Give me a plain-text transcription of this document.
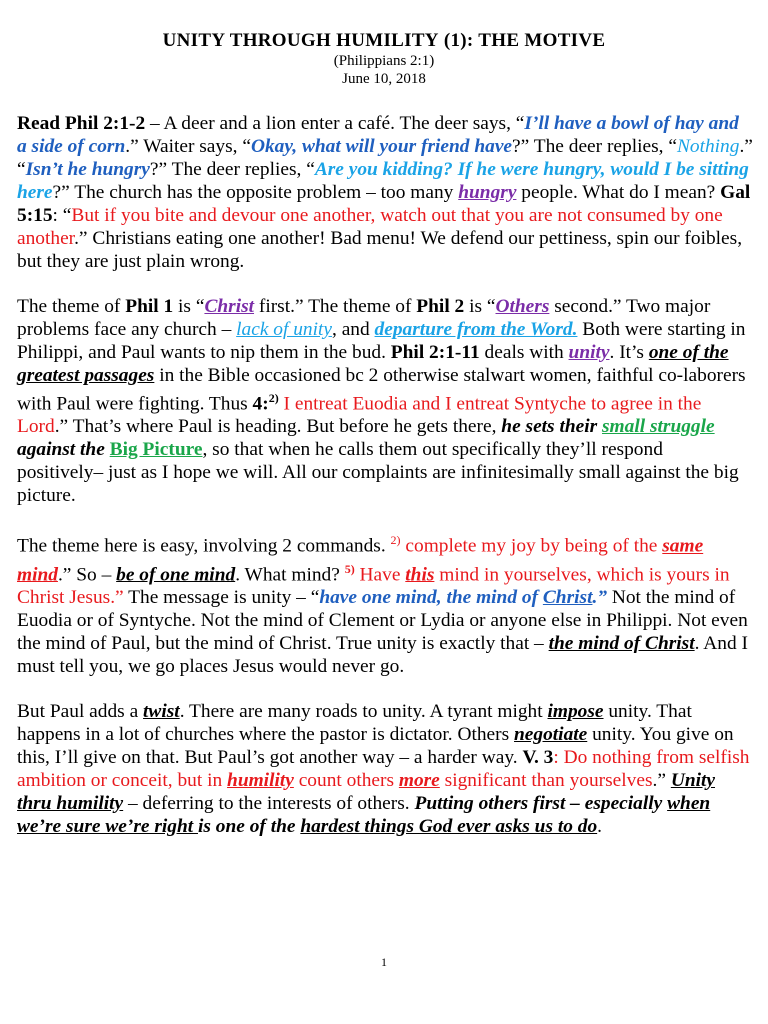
UNITY THROUGH HUMILITY (1): THE MOTIVE
(Philippians 2:1)
June 10, 2018

Read Phil 2:1-2 – A deer and a lion enter a café. The deer says, “I’ll have a bowl of hay and a side of corn.” Waiter says, “Okay, what will your friend have?” The deer replies, “Nothing.” “Isn’t he hungry?” The deer replies, “Are you kidding? If he were hungry, would I be sitting here?” The church has the opposite problem – too many hungry people. What do I mean? Gal 5:15: “But if you bite and devour one another, watch out that you are not consumed by one another.” Christians eating one another! Bad menu! We defend our pettiness, spin our foibles, but they are just plain wrong.

The theme of Phil 1 is “Christ first.” The theme of Phil 2 is “Others second.” Two major problems face any church – lack of unity, and departure from the Word. Both were starting in Philippi, and Paul wants to nip them in the bud. Phil 2:1-11 deals with unity. It’s one of the greatest passages in the Bible occasioned bc 2 otherwise stalwart women, faithful co-laborers with Paul were fighting. Thus 4:$^{2)}$ I entreat Euodia and I entreat Syntyche to agree in the Lord.” That’s where Paul is heading. But before he gets there, he sets their small struggle against the Big Picture, so that when he calls them out specifically they’ll respond positively– just as I hope we will. All our complaints are infinitesimally small against the big picture.

The theme here is easy, involving 2 commands. $^{2)}$ complete my joy by being of the same mind.” So – be of one mind. What mind? $^{5)}$ Have this mind in yourselves, which is yours in Christ Jesus.” The message is unity – “have one mind, the mind of Christ.” Not the mind of Euodia or of Syntyche. Not the mind of Clement or Lydia or anyone else in Philippi. Not even the mind of Paul, but the mind of Christ. True unity is exactly that – the mind of Christ. And I must tell you, we go places Jesus would never go.

But Paul adds a twist. There are many roads to unity. A tyrant might impose unity. That happens in a lot of churches where the pastor is dictator. Others negotiate unity. You give on this, I’ll give on that. But Paul’s got another way – a harder way. V. 3: Do nothing from selfish ambition or conceit, but in humility count others more significant than yourselves.” Unity thru humility – deferring to the interests of others. Putting others first – especially when we’re sure we’re right is one of the hardest things God ever asks us to do.

1
